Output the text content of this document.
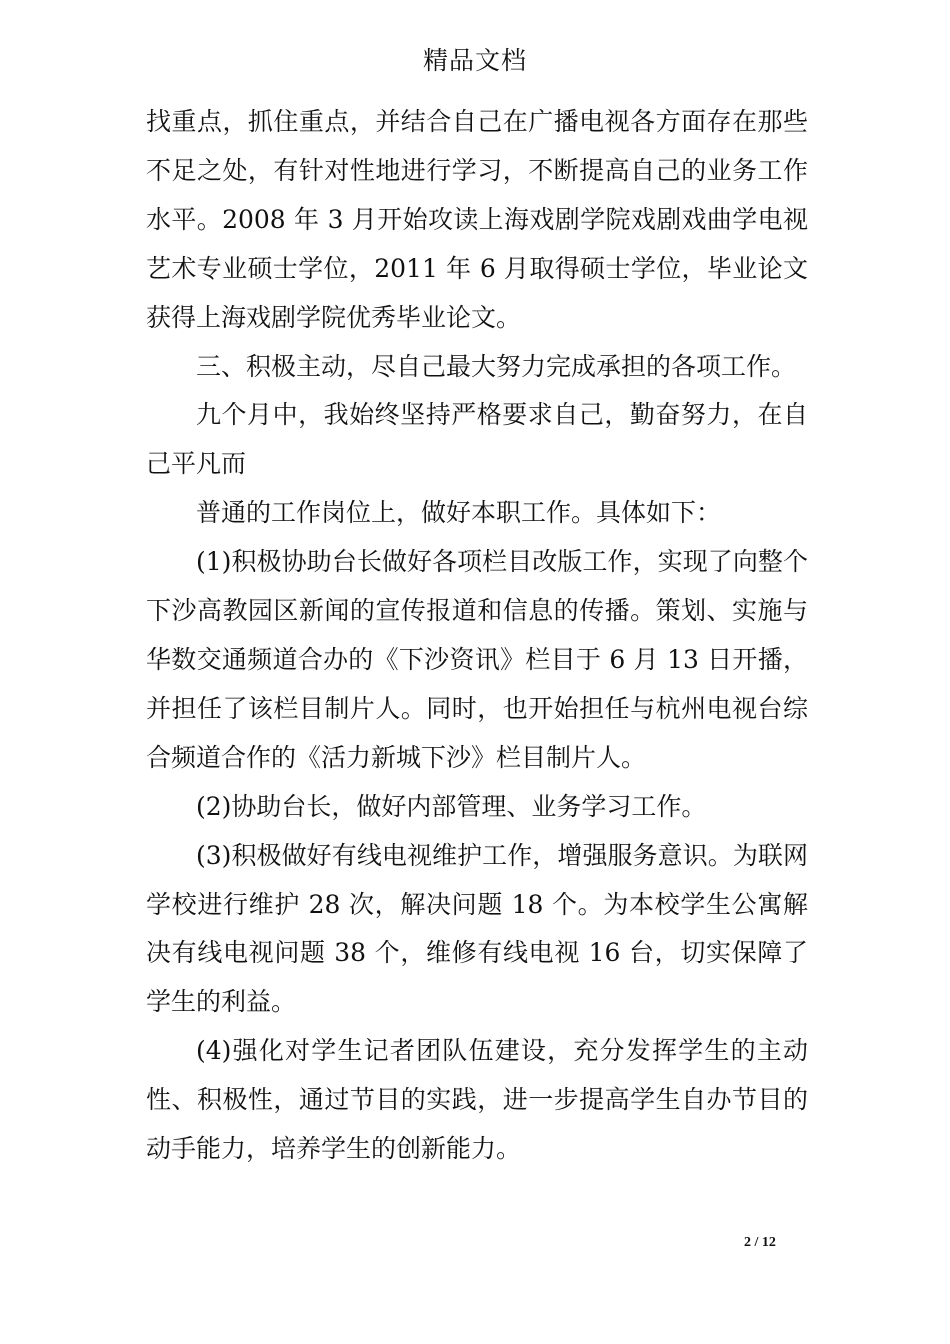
精品文档

找重点，抓住重点，并结合自己在广播电视各方面存在那些不足之处，有针对性地进行学习，不断提高自己的业务工作水平。2008 年 3 月开始攻读上海戏剧学院戏剧戏曲学电视艺术专业硕士学位，2011 年 6 月取得硕士学位，毕业论文获得上海戏剧学院优秀毕业论文。

三、积极主动，尽自己最大努力完成承担的各项工作。

九个月中，我始终坚持严格要求自己，勤奋努力，在自己平凡而

普通的工作岗位上，做好本职工作。具体如下：

(1)积极协助台长做好各项栏目改版工作，实现了向整个下沙高教园区新闻的宣传报道和信息的传播。策划、实施与华数交通频道合办的《下沙资讯》栏目于 6 月 13 日开播，并担任了该栏目制片人。同时，也开始担任与杭州电视台综合频道合作的《活力新城下沙》栏目制片人。

(2)协助台长，做好内部管理、业务学习工作。

(3)积极做好有线电视维护工作，增强服务意识。为联网学校进行维护 28 次，解决问题 18 个。为本校学生公寓解决有线电视问题 38 个，维修有线电视 16 台，切实保障了学生的利益。

(4)强化对学生记者团队伍建设，充分发挥学生的主动性、积极性，通过节目的实践，进一步提高学生自办节目的动手能力，培养学生的创新能力。

2 / 12
